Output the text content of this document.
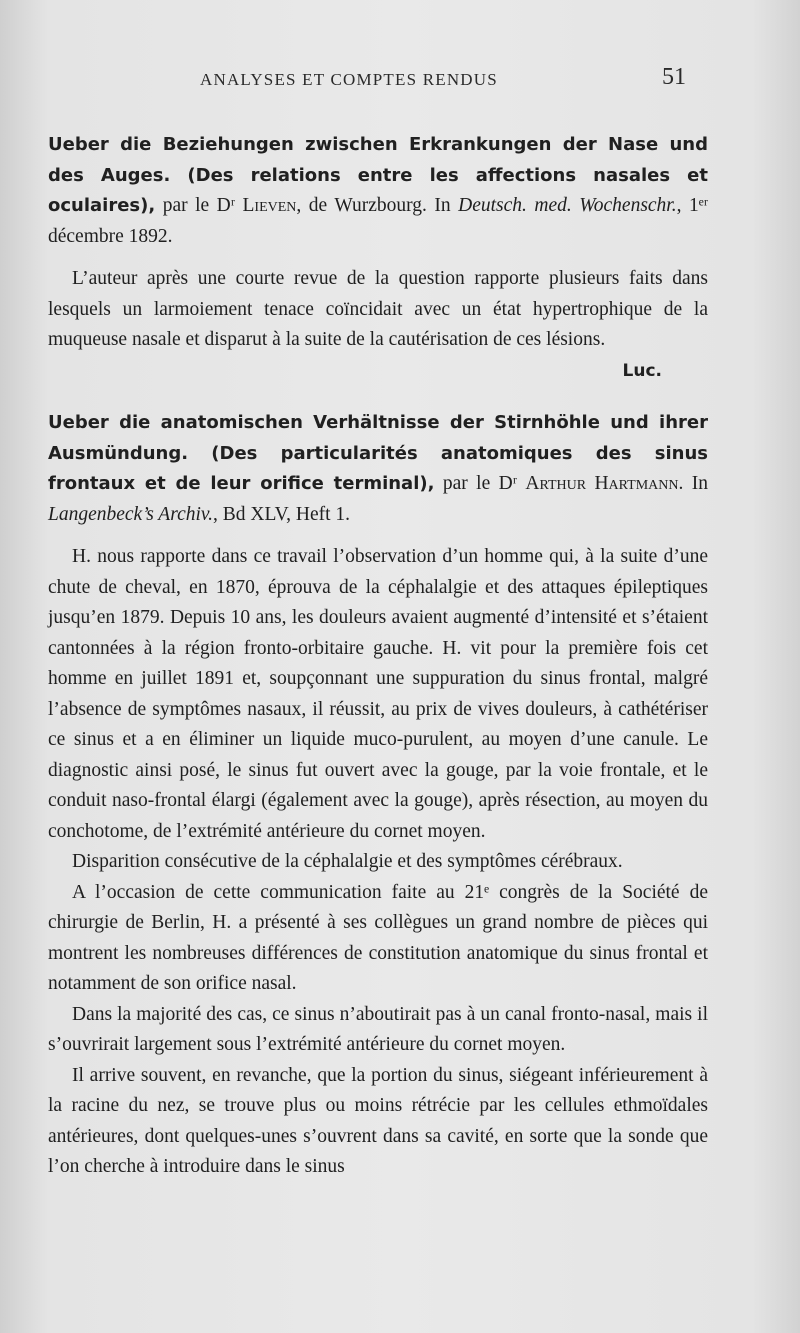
ANALYSES ET COMPTES RENDUS	51

Ueber die Beziehungen zwischen Erkrankungen der Nase und des Auges. (Des relations entre les affections nasales et oculaires), par le Dʳ Lieven, de Wurzbourg. In Deutsch. med. Wochenschr., 1ᵉʳ décembre 1892.

L’auteur après une courte revue de la question rapporte plusieurs faits dans lesquels un larmoiement tenace coïncidait avec un état hypertrophique de la muqueuse nasale et disparut à la suite de la cautérisation de ces lésions.

Luc.

Ueber die anatomischen Verhältnisse der Stirnhöhle und ihrer Ausmündung. (Des particularités anatomiques des sinus frontaux et de leur orifice terminal), par le Dʳ Arthur Hartmann. In Langenbeck’s Archiv., Bd XLV, Heft 1.

H. nous rapporte dans ce travail l’observation d’un homme qui, à la suite d’une chute de cheval, en 1870, éprouva de la céphalalgie et des attaques épileptiques jusqu’en 1879. Depuis 10 ans, les douleurs avaient augmenté d’intensité et s’étaient cantonnées à la région fronto-orbitaire gauche. H. vit pour la première fois cet homme en juillet 1891 et, soupçonnant une suppuration du sinus frontal, malgré l’absence de symptômes nasaux, il réussit, au prix de vives douleurs, à cathétériser ce sinus et a en éliminer un liquide muco-purulent, au moyen d’une canule. Le diagnostic ainsi posé, le sinus fut ouvert avec la gouge, par la voie frontale, et le conduit naso-frontal élargi (également avec la gouge), après résection, au moyen du conchotome, de l’extrémité antérieure du cornet moyen.

Disparition consécutive de la céphalalgie et des symptômes cérébraux.

A l’occasion de cette communication faite au 21ᵉ congrès de la Société de chirurgie de Berlin, H. a présenté à ses collègues un grand nombre de pièces qui montrent les nombreuses différences de constitution anatomique du sinus frontal et notamment de son orifice nasal.

Dans la majorité des cas, ce sinus n’aboutirait pas à un canal fronto-nasal, mais il s’ouvrirait largement sous l’extrémité antérieure du cornet moyen.

Il arrive souvent, en revanche, que la portion du sinus, siégeant inférieurement à la racine du nez, se trouve plus ou moins rétrécie par les cellules ethmoïdales antérieures, dont quelques-unes s’ouvrent dans sa cavité, en sorte que la sonde que l’on cherche à introduire dans le sinus
